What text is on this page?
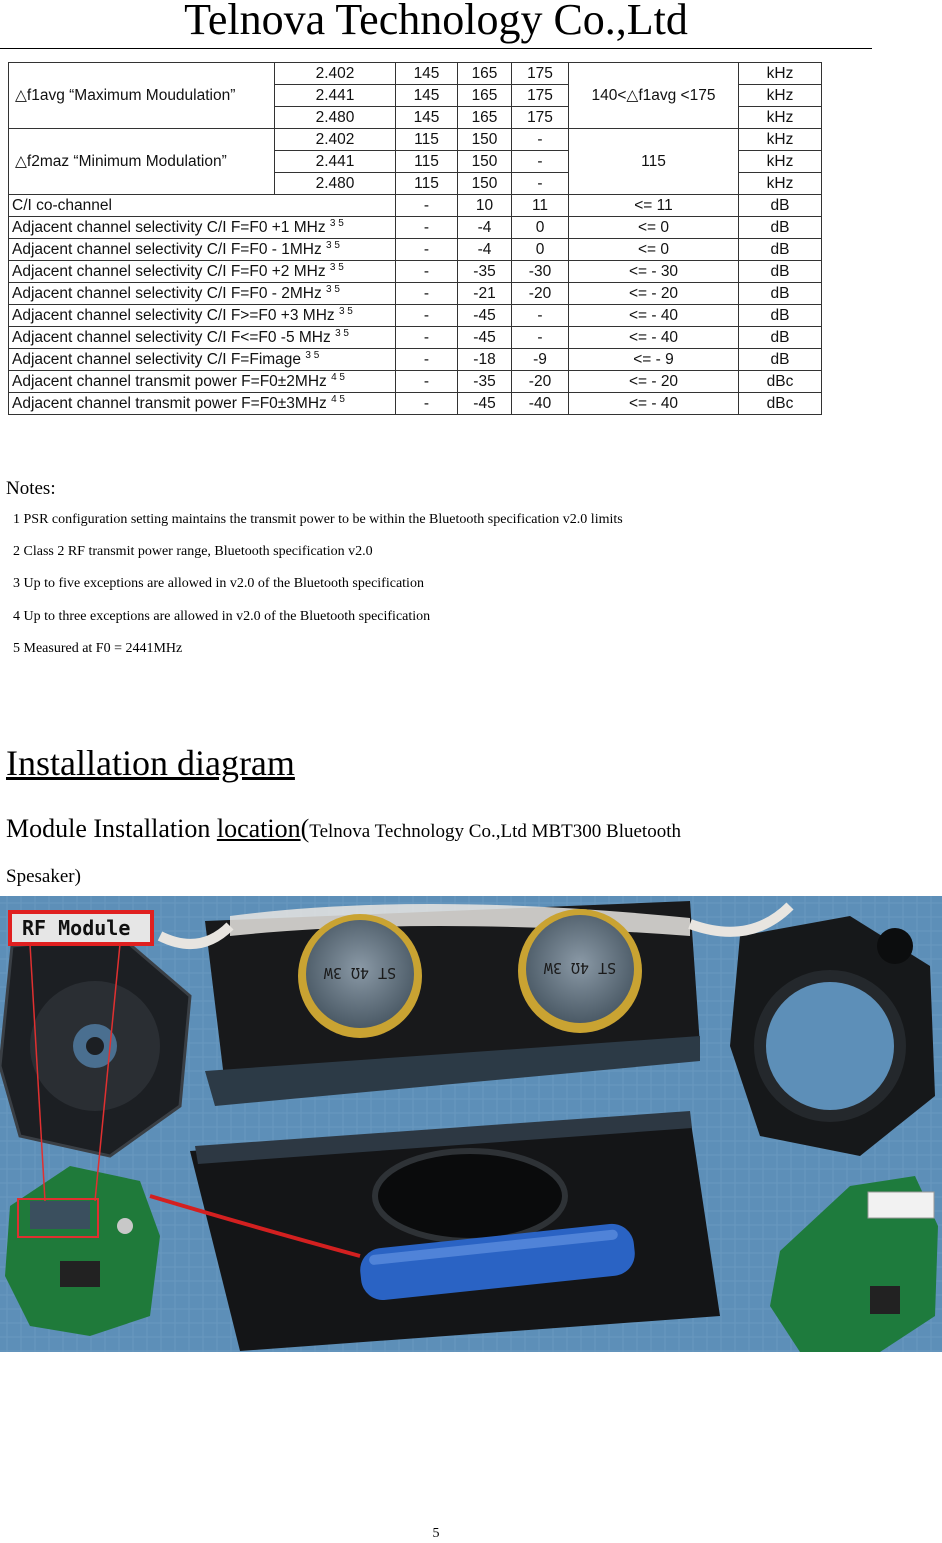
Telnova Technology Co.,Ltd
△f1avg “Maximum Moudulation”	2.402	145	165	175	140<△f1avg <175	kHz
	2.441	145	165	175		kHz
	2.480	145	165	175		kHz
△f2maz “Minimum Modulation”	2.402	115	150	-	115	kHz
	2.441	115	150	-		kHz
	2.480	115	150	-		kHz
C/I co-channel		-	10	11	<= 11	dB
Adjacent channel selectivity C/I F=F0 +1 MHz $^{3 5}$		-	-4	0	<= 0	dB
Adjacent channel selectivity C/I F=F0 - 1MHz $^{3 5}$		-	-4	0	<= 0	dB
Adjacent channel selectivity C/I F=F0 +2 MHz $^{3 5}$		-	-35	-30	<= - 30	dB
Adjacent channel selectivity C/I F=F0 - 2MHz $^{3 5}$		-	-21	-20	<= - 20	dB
Adjacent channel selectivity C/I F>=F0 +3 MHz $^{3 5}$		-	-45	-	<= - 40	dB
Adjacent channel selectivity C/I F<=F0 -5 MHz $^{3 5}$		-	-45	-	<= - 40	dB
Adjacent channel selectivity C/I F=Fimage $^{3 5}$		-	-18	-9	<= - 9	dB
Adjacent channel transmit power F=F0±2MHz $^{4 5}$		-	-35	-20	<= - 20	dBc
Adjacent channel transmit power F=F0±3MHz $^{4 5}$		-	-45	-40	<= - 40	dBc
Notes:
1 PSR configuration setting maintains the transmit power to be within the Bluetooth specification v2.0 limits
2 Class 2 RF transmit power range, Bluetooth specification v2.0
3 Up to five exceptions are allowed in v2.0 of the Bluetooth specification
4 Up to three exceptions are allowed in v2.0 of the Bluetooth specification
5 Measured at F0 = 2441MHz
Installation diagram
Module Installation location(Telnova Technology Co.,Ltd MBT300 Bluetooth
Spesaker)
ST 4Ω 3W	ST 4Ω 3W
RF Module
5
